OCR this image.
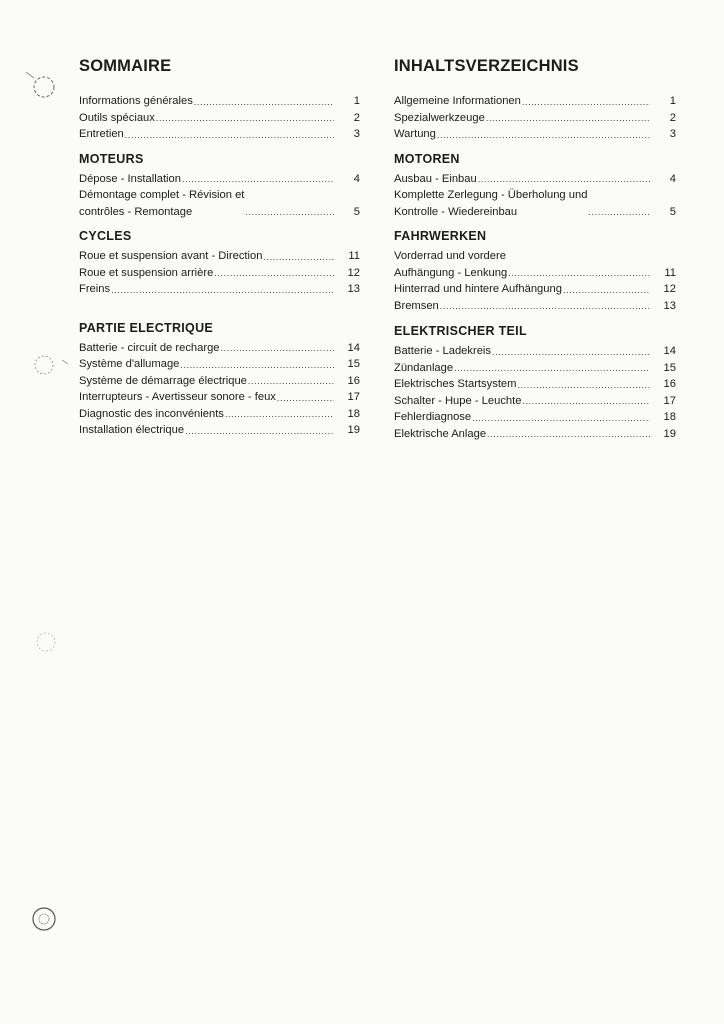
SOMMAIRE
Informations générales .....	1
Outils spéciaux .....	2
Entretien .....	3
MOTEURS
Dépose - Installation .....	4
Démontage complet - Révision et
contrôles - Remontage .....	5
CYCLES
Roue et suspension avant - Direction .....	11
Roue et suspension arrière .....	12
Freins .....	13
PARTIE ELECTRIQUE
Batterie - circuit de recharge .....	14
Système d'allumage .....	15
Système de démarrage électrique .....	16
Interrupteurs - Avertisseur sonore - feux .....	17
Diagnostic des inconvénients .....	18
Installation électrique .....	19
INHALTSVERZEICHNIS
Allgemeine Informationen .....	1
Spezialwerkzeuge .....	2
Wartung .....	3
MOTOREN
Ausbau - Einbau .....	4
Komplette Zerlegung - Überholung und
Kontrolle - Wiedereinbau .....	5
FAHRWERKEN
Vorderrad und vordere
Aufhängung - Lenkung .....	11
Hinterrad und hintere Aufhängung .....	12
Bremsen .....	13
ELEKTRISCHER TEIL
Batterie - Ladekreis .....	14
Zündanlage .....	15
Elektrisches Startsystem .....	16
Schalter - Hupe - Leuchte .....	17
Fehlerdiagnose .....	18
Elektrische Anlage .....	19
